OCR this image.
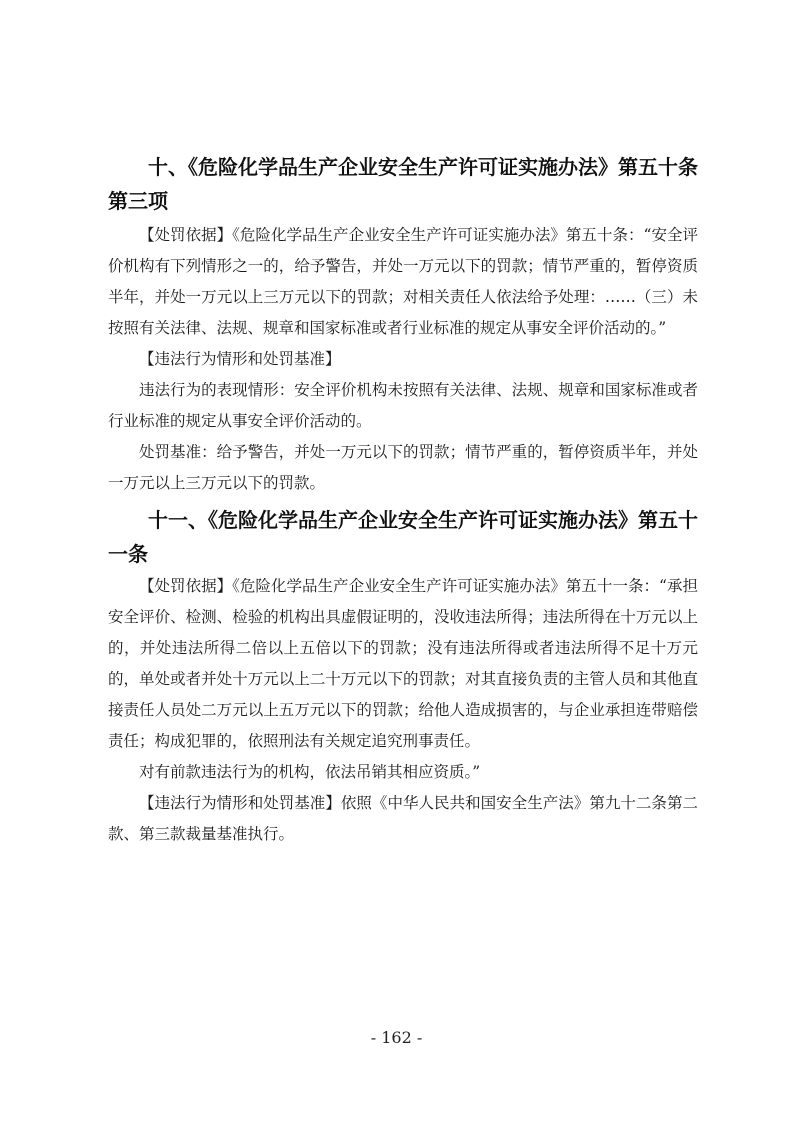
十、《危险化学品生产企业安全生产许可证实施办法》第五十条第三项

【处罚依据】《危险化学品生产企业安全生产许可证实施办法》第五十条：“安全评价机构有下列情形之一的，给予警告，并处一万元以下的罚款；情节严重的，暂停资质半年，并处一万元以上三万元以下的罚款；对相关责任人依法给予处理：……（三）未按照有关法律、法规、规章和国家标准或者行业标准的规定从事安全评价活动的。”

【违法行为情形和处罚基准】

违法行为的表现情形：安全评价机构未按照有关法律、法规、规章和国家标准或者行业标准的规定从事安全评价活动的。

处罚基准：给予警告，并处一万元以下的罚款；情节严重的，暂停资质半年，并处一万元以上三万元以下的罚款。

十一、《危险化学品生产企业安全生产许可证实施办法》第五十一条

【处罚依据】《危险化学品生产企业安全生产许可证实施办法》第五十一条：“承担安全评价、检测、检验的机构出具虚假证明的，没收违法所得；违法所得在十万元以上的，并处违法所得二倍以上五倍以下的罚款；没有违法所得或者违法所得不足十万元的，单处或者并处十万元以上二十万元以下的罚款；对其直接负责的主管人员和其他直接责任人员处二万元以上五万元以下的罚款；给他人造成损害的，与企业承担连带赔偿责任；构成犯罪的，依照刑法有关规定追究刑事责任。

对有前款违法行为的机构，依法吊销其相应资质。”

【违法行为情形和处罚基准】依照《中华人民共和国安全生产法》第九十二条第二款、第三款裁量基准执行。

- 162 -
